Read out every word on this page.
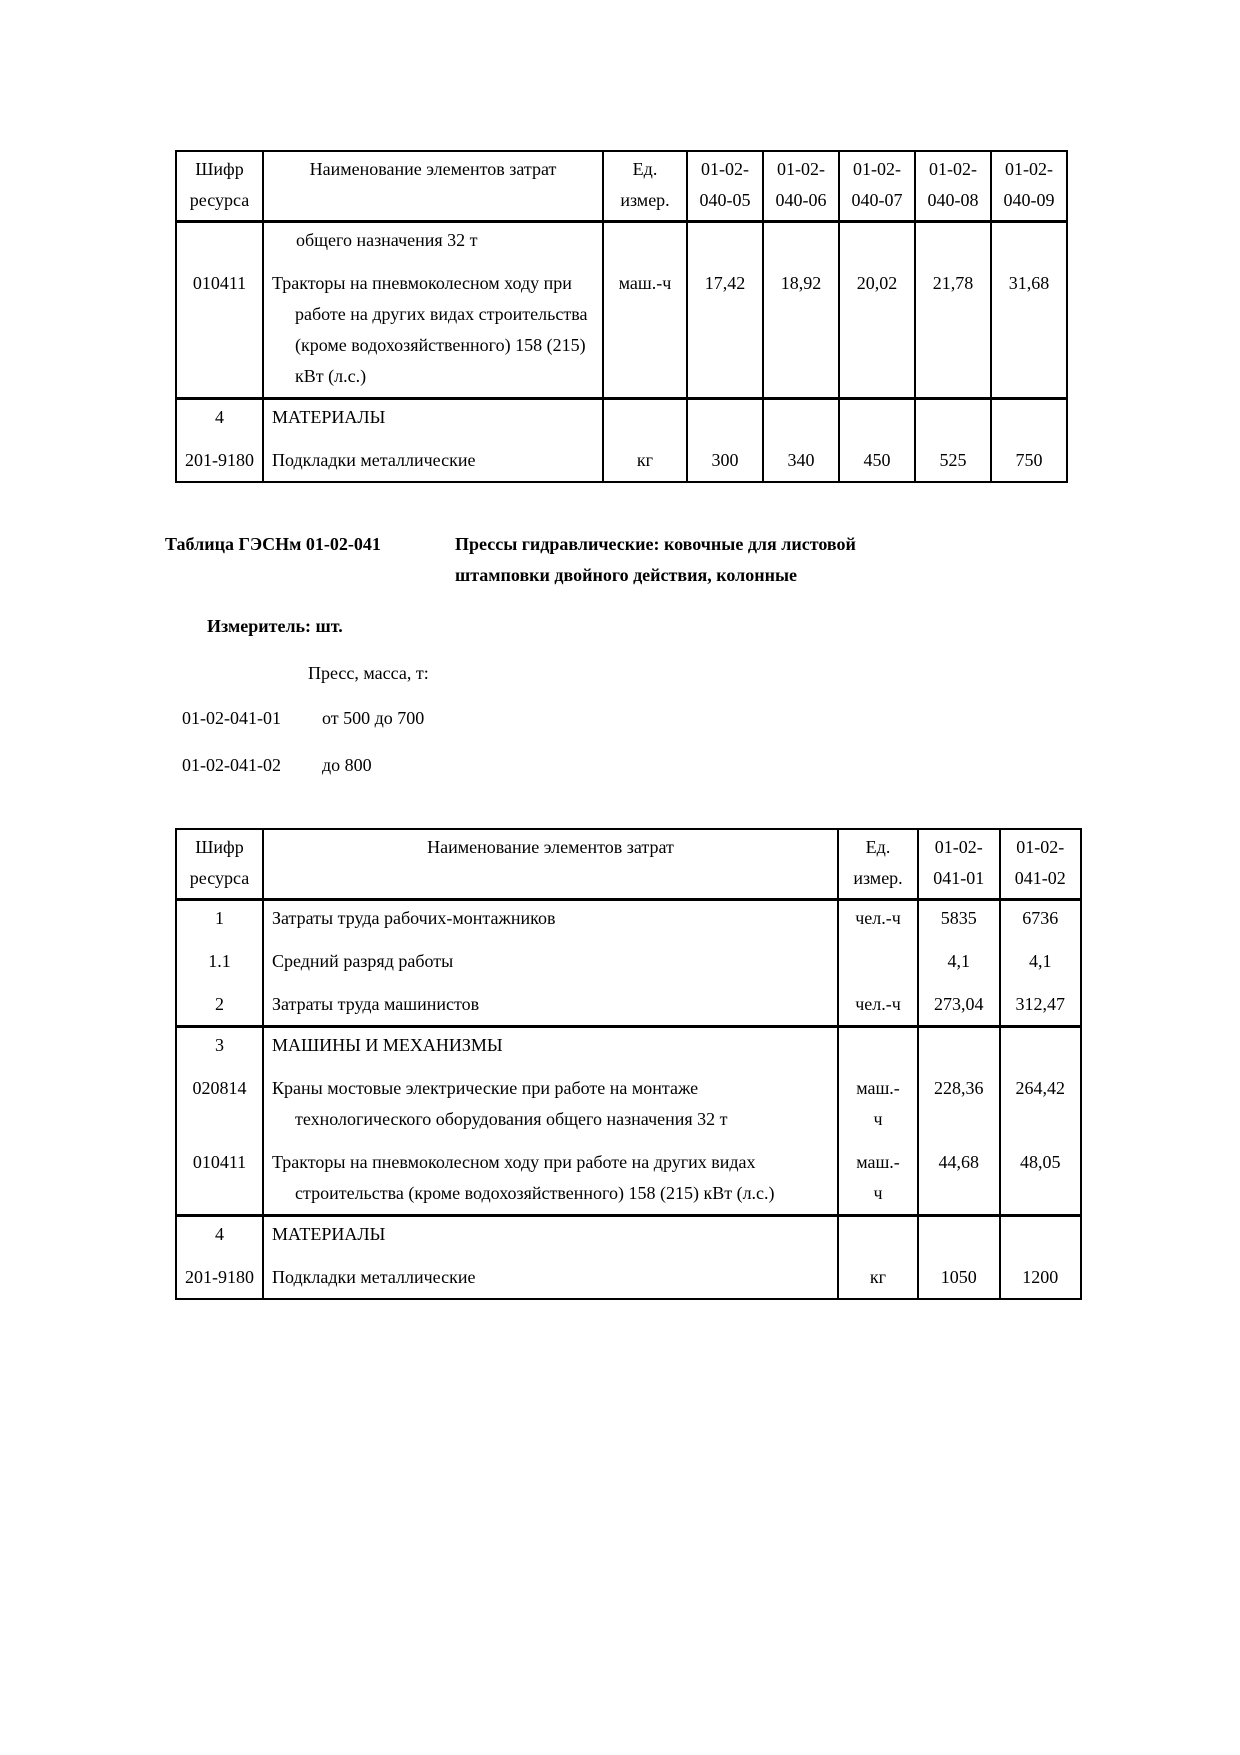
Шифр ресурса	Наименование элементов затрат	Ед. измер.	01-02-040-05	01-02-040-06	01-02-040-07	01-02-040-08	01-02-040-09

	общего назначения 32 т						

010411	Тракторы на пневмоколесном ходу при работе на других видах строительства (кроме водохозяйственного) 158 (215) кВт (л.с.)	маш.-ч	17,42	18,92	20,02	21,78	31,68
4	МАТЕРИАЛЫ						

201-9180	Подкладки металлические	кг	300	340	450	525	750
Таблица ГЭСНм 01-02-041	Прессы гидравлические: ковочные для листовой штамповки двойного действия, колонные
Измеритель: шт.
Пресс, масса, т:
01-02-041-01	от 500 до 700
01-02-041-02	до 800
Шифр ресурса	Наименование элементов затрат	Ед. измер.	01-02-041-01	01-02-041-02
1	Затраты труда рабочих-монтажников	чел.-ч	5835	6736
1.1	Средний разряд работы		4,1	4,1
2	Затраты труда машинистов	чел.-ч	273,04	312,47
3	МАШИНЫ И МЕХАНИЗМЫ			

020814	Краны мостовые электрические при работе на монтаже технологического оборудования общего назначения 32 т	маш.-ч	228,36	264,42
010411	Тракторы на пневмоколесном ходу при работе на других видах строительства (кроме водохозяйственного) 158 (215) кВт (л.с.)	маш.-ч	44,68	48,05
4	МАТЕРИАЛЫ			

201-9180	Подкладки металлические	кг	1050	1200
